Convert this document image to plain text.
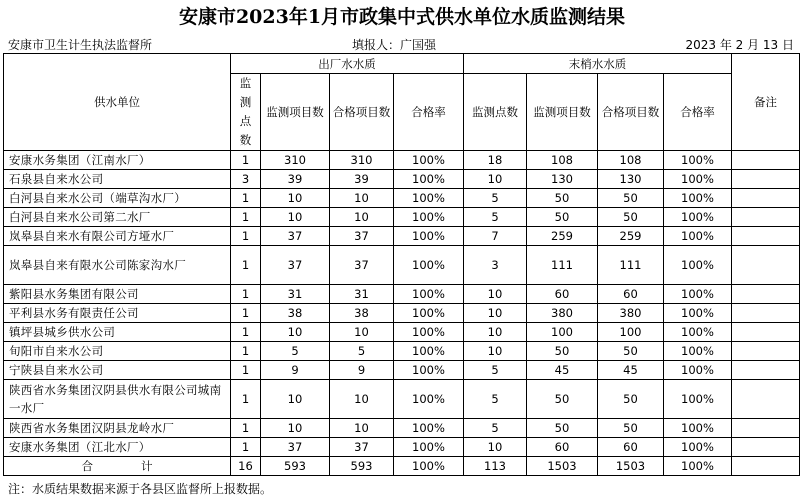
安康市2023年1月市政集中式供水单位水质监测结果
安康市卫生计生执法监督所	填报人：广国强	2023 年 2 月 13 日
供水单位	出厂水水质				末梢水水质				备注
	监测点数	监测项目数	合格项目数	合格率	监测点数	监测项目数	合格项目数	合格率	
安康水务集团（江南水厂）	1	310	310	100%	18	108	108	100%	
石泉县自来水公司	3	39	39	100%	10	130	130	100%	
白河县自来水公司（端草沟水厂）	1	10	10	100%	5	50	50	100%	
白河县自来水公司第二水厂	1	10	10	100%	5	50	50	100%	
岚皋县自来水有限公司方垭水厂	1	37	37	100%	7	259	259	100%	
岚皋县自来有限水公司陈家沟水厂	1	37	37	100%	3	111	111	100%	
紫阳县水务集团有限公司	1	31	31	100%	10	60	60	100%	
平利县水务有限责任公司	1	38	38	100%	10	380	380	100%	
镇坪县城乡供水公司	1	10	10	100%	10	100	100	100%	
旬阳市自来水公司	1	5	5	100%	10	50	50	100%	
宁陕县自来水公司	1	9	9	100%	5	45	45	100%	
陕西省水务集团汉阴县供水有限公司城南一水厂	1	10	10	100%	5	50	50	100%	
陕西省水务集团汉阴县龙岭水厂	1	10	10	100%	5	50	50	100%	
安康水务集团（江北水厂）	1	37	37	100%	10	60	60	100%	
合 计	16	593	593	100%	113	1503	1503	100%	
注：水质结果数据来源于各县区监督所上报数据。
